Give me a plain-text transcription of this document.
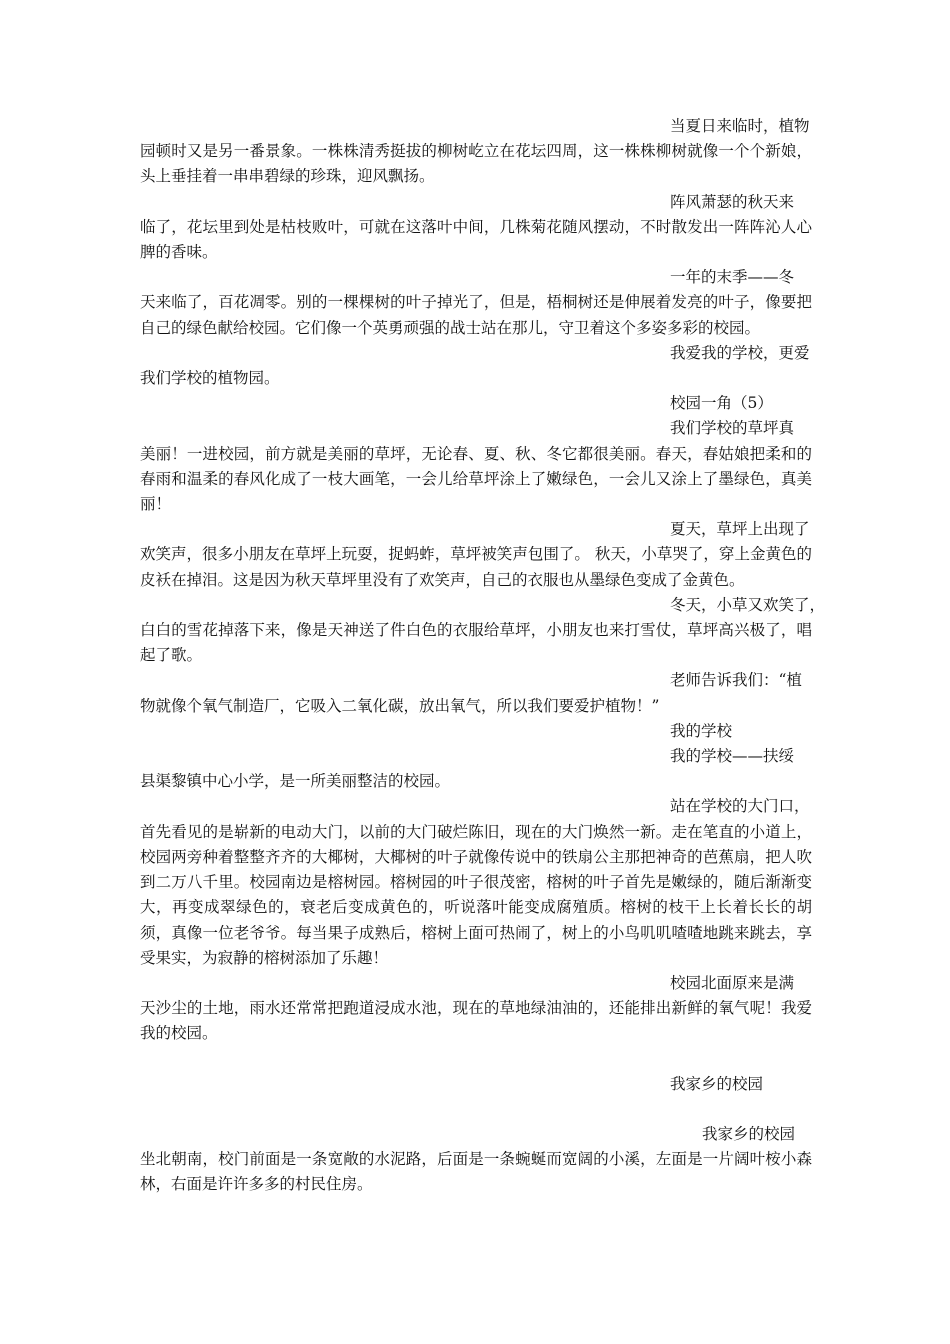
当夏日来临时，植物园顿时又是另一番景象。一株株清秀挺拔的柳树屹立在花坛四周，这一株株柳树就像一个个新娘，头上垂挂着一串串碧绿的珍珠，迎风飘扬。

阵风萧瑟的秋天来临了，花坛里到处是枯枝败叶，可就在这落叶中间，几株菊花随风摆动，不时散发出一阵阵沁人心脾的香味。

一年的末季——冬天来临了，百花凋零。别的一棵棵树的叶子掉光了，但是，梧桐树还是伸展着发亮的叶子，像要把自己的绿色献给校园。它们像一个英勇顽强的战士站在那儿，守卫着这个多姿多彩的校园。

我爱我的学校，更爱我们学校的植物园。

校园一角（5）

我们学校的草坪真美丽！一进校园，前方就是美丽的草坪，无论春、夏、秋、冬它都很美丽。春天，春姑娘把柔和的春雨和温柔的春风化成了一枝大画笔，一会儿给草坪涂上了嫩绿色，一会儿又涂上了墨绿色，真美丽！

夏天，草坪上出现了欢笑声，很多小朋友在草坪上玩耍，捉蚂蚱，草坪被笑声包围了。 秋天，小草哭了，穿上金黄色的皮袄在掉泪。这是因为秋天草坪里没有了欢笑声，自己的衣服也从墨绿色变成了金黄色。

冬天，小草又欢笑了，白白的雪花掉落下来，像是天神送了件白色的衣服给草坪，小朋友也来打雪仗，草坪高兴极了，唱起了歌。

老师告诉我们：“植物就像个氧气制造厂，它吸入二氧化碳，放出氧气，所以我们要爱护植物！”

我的学校

我的学校——扶绥县渠黎镇中心小学，是一所美丽整洁的校园。

站在学校的大门口，首先看见的是崭新的电动大门，以前的大门破烂陈旧，现在的大门焕然一新。走在笔直的小道上，校园两旁种着整整齐齐的大椰树，大椰树的叶子就像传说中的铁扇公主那把神奇的芭蕉扇，把人吹到二万八千里。校园南边是榕树园。榕树园的叶子很茂密，榕树的叶子首先是嫩绿的，随后渐渐变大，再变成翠绿色的，衰老后变成黄色的，听说落叶能变成腐殖质。榕树的枝干上长着长长的胡须，真像一位老爷爷。每当果子成熟后，榕树上面可热闹了，树上的小鸟叽叽喳喳地跳来跳去，享受果实，为寂静的榕树添加了乐趣！

校园北面原来是满天沙尘的土地，雨水还常常把跑道浸成水池，现在的草地绿油油的，还能排出新鲜的氧气呢！我爱我的校园。

我家乡的校园

我家乡的校园坐北朝南，校门前面是一条宽敞的水泥路，后面是一条蜿蜒而宽阔的小溪，左面是一片阔叶桉小森林，右面是许许多多的村民住房。
